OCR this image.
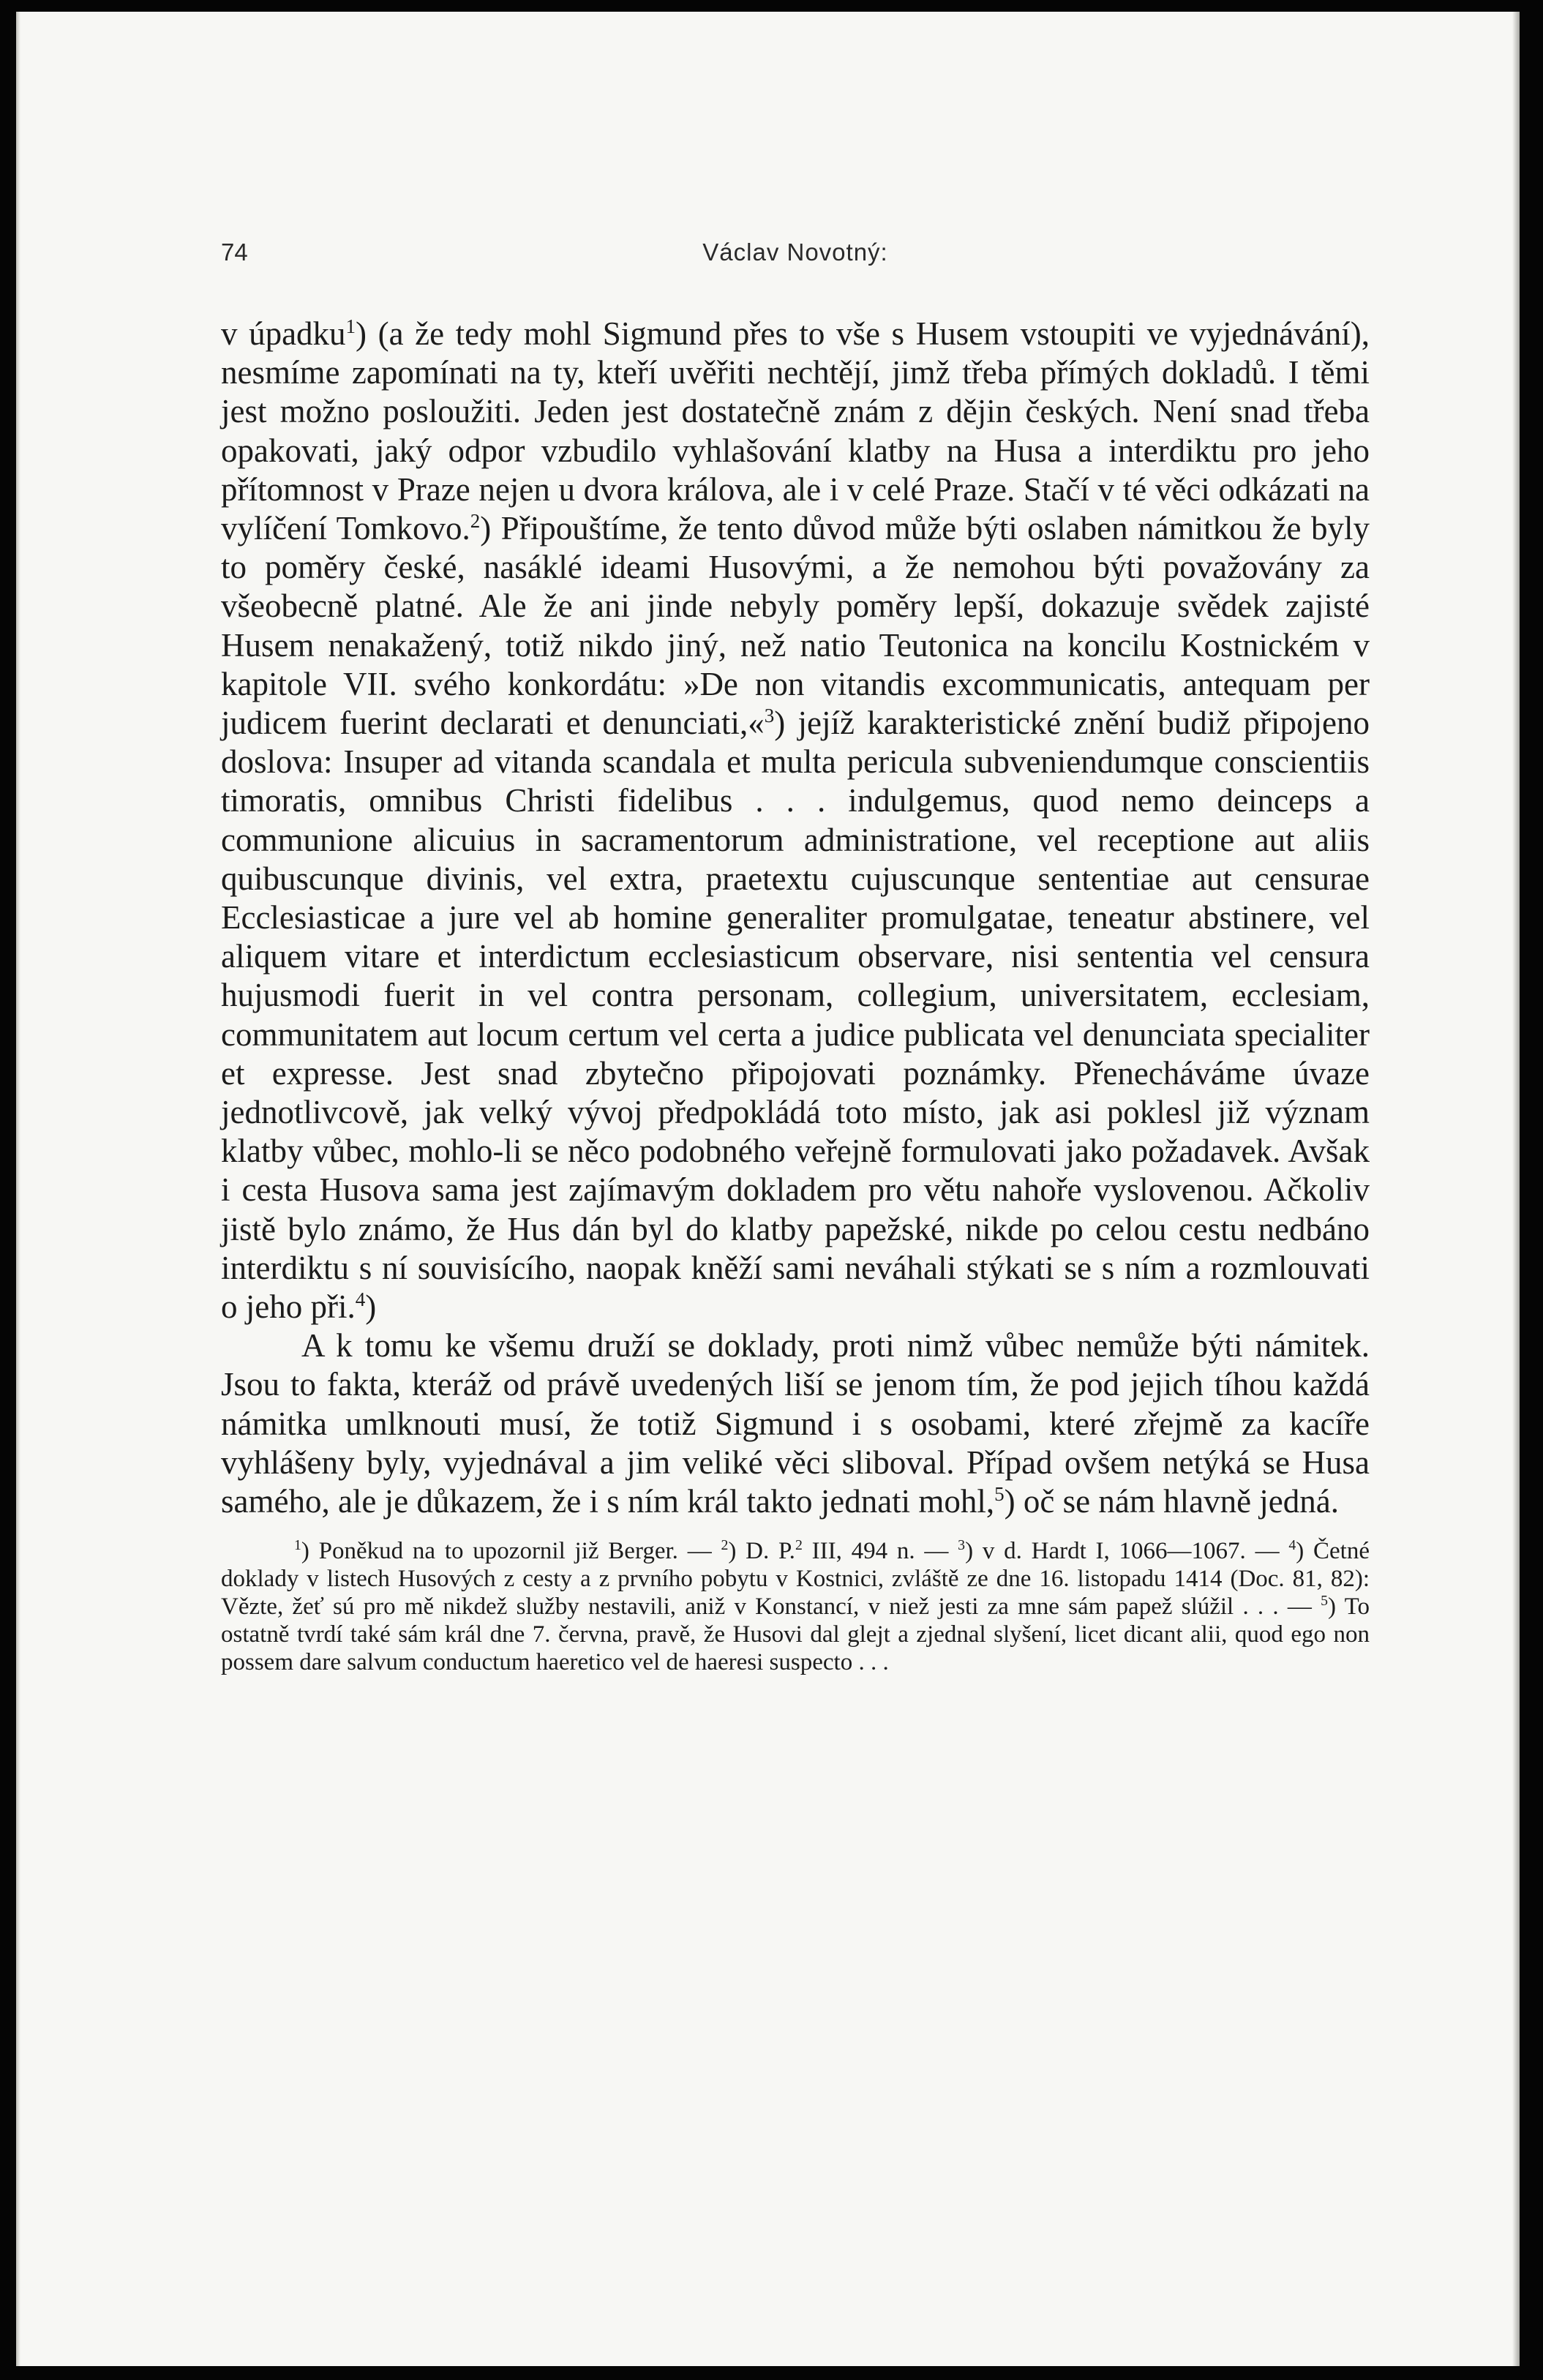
74	Václav Novotný:

v úpadku$^1$) (a že tedy mohl Sigmund přes to vše s Husem vstoupiti ve vyjednávání), nesmíme zapomínati na ty, kteří uvěřiti nechtějí, jimž třeba přímých dokladů. I těmi jest možno posloužiti. Jeden jest dostatečně znám z dějin českých. Není snad třeba opakovati, jaký odpor vzbudilo vyhlašování klatby na Husa a interdiktu pro jeho přítomnost v Praze nejen u dvora králova, ale i v celé Praze. Stačí v té věci odkázati na vylíčení Tomkovo.$^2$) Připouštíme, že tento důvod může býti oslaben námitkou že byly to poměry české, nasáklé ideami Husovými, a že nemohou býti považovány za všeobecně platné. Ale že ani jinde nebyly poměry lepší, dokazuje svědek zajisté Husem nenakažený, totiž nikdo jiný, než natio Teutonica na koncilu Kostnickém v kapitole VII. svého konkordátu: »De non vitandis excommunicatis, antequam per judicem fuerint declarati et denunciati,«$^3$) jejíž karakteristické znění budiž připojeno doslova: Insuper ad vitanda scandala et multa pericula subveniendumque conscientiis timoratis, omnibus Christi fidelibus . . . indulgemus, quod nemo deinceps a communione alicuius in sacramentorum administratione, vel receptione aut aliis quibuscunque divinis, vel extra, praetextu cujuscunque sententiae aut censurae Ecclesiasticae a jure vel ab homine generaliter promulgatae, teneatur abstinere, vel aliquem vitare et interdictum ecclesiasticum observare, nisi sententia vel censura hujusmodi fuerit in vel contra personam, collegium, universitatem, ecclesiam, communitatem aut locum certum vel certa a judice publicata vel denunciata specialiter et expresse. Jest snad zbytečno připojovati poznámky. Přenecháváme úvaze jednotlivcově, jak velký vývoj předpokládá toto místo, jak asi poklesl již význam klatby vůbec, mohlo-li se něco podobného veřejně formulovati jako požadavek. Avšak i cesta Husova sama jest zajímavým dokladem pro větu nahoře vyslovenou. Ačkoliv jistě bylo známo, že Hus dán byl do klatby papežské, nikde po celou cestu nedbáno interdiktu s ní souvisícího, naopak kněží sami neváhali stýkati se s ním a rozmlouvati o jeho při.$^4$)

A k tomu ke všemu druží se doklady, proti nimž vůbec nemůže býti námitek. Jsou to fakta, kteráž od právě uvedených liší se jenom tím, že pod jejich tíhou každá námitka umlknouti musí, že totiž Sigmund i s osobami, které zřejmě za kacíře vyhlášeny byly, vyjednával a jim veliké věci sliboval. Případ ovšem netýká se Husa samého, ale je důkazem, že i s ním král takto jednati mohl,$^5$) oč se nám hlavně jedná.

$^1$) Poněkud na to upozornil již Berger. — $^2$) D. P.$^2$ III, 494 n. — $^3$) v d. Hardt I, 1066—1067. — $^4$) Četné doklady v listech Husových z cesty a z prvního pobytu v Kostnici, zvláště ze dne 16. listopadu 1414 (Doc. 81, 82): Vězte, žeť sú pro mě nikdež služby nestavili, aniž v Konstancí, v niež jesti za mne sám papež slúžil . . . — $^5$) To ostatně tvrdí také sám král dne 7. června, pravě, že Husovi dal glejt a zjednal slyšení, licet dicant alii, quod ego non possem dare salvum conductum haeretico vel de haeresi suspecto . . .
